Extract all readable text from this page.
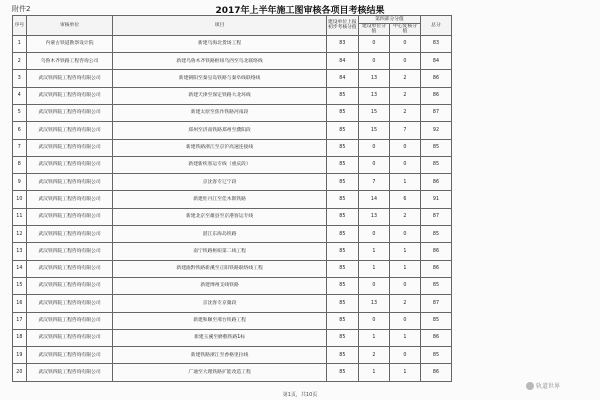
附件2	2017年上半年施工图审核各项目考核结果
序号	审核单位	项目	建设单位上报初步考核分值	第四部分分值		总分
				建设单位分值	中心复核分值	
1	内蒙古铁道勘察设计院	新建乌海北货场工程	83	0	0	83
2	乌鲁木齐铁路工程咨询公司	新建乌鲁木齐铁路枢纽乌西至乌北联络线	84	0	0	84
3	武汉铁四院工程咨询有限公司	新建朝阳至秦皇岛铁路与秦阜线联络线	84	13	2	86
4	武汉铁四院工程咨询有限公司	新建天津至保定铁路大北环线	85	13	2	86
5	武汉铁四院工程咨询有限公司	新建太原至焦作铁路河南段	85	15	2	87
6	武汉铁四院工程咨询有限公司	郑州至济南铁路郑州至濮阳段	85	15	7	92
7	武汉铁四院工程咨询有限公司	新建铁路浙江至京沪高速连接线	85	0	0	85
8	武汉铁四院工程咨询有限公司	新建新疾客运专线（重庆段）	85	0	0	85
9	武汉铁四院工程咨询有限公司	京沈客专辽宁段	85	7	1	86
10	武汉铁四院工程咨询有限公司	新建牡丹江至佳木斯铁路	85	14	6	91
11	武汉铁四院工程咨询有限公司	新建北京至雄县至京港客运专线	85	13	2	87
12	武汉铁四院工程咨询有限公司	湛江东海岛铁路	85	0	0	85
13	武汉铁四院工程咨询有限公司	南宁铁路枢纽第二线工程	85	1	1	86
14	武汉铁四院工程咨询有限公司	新建渝黔铁路新溪至正阳铁路联络线工程	85	1	1	86
15	武汉铁四院工程咨询有限公司	新建博州支线铁路	85	0	0	85
16	武汉铁四院工程咨询有限公司	京沈客专京冀段	85	13	2	87
17	武汉铁四院工程咨询有限公司	新建和顺至邢台铁路工程	85	0	0	85
18	武汉铁四院工程咨询有限公司	新建玉溪至磨憨铁路1标	85	1	1	86
19	武汉铁四院工程咨询有限公司	新建铁路浙江至香格里拉线	85	2	0	85
20	武汉铁四院工程咨询有限公司	广通至大理铁路扩能改造工程	85	1	1	86
第1页，共10页
轨道世界
